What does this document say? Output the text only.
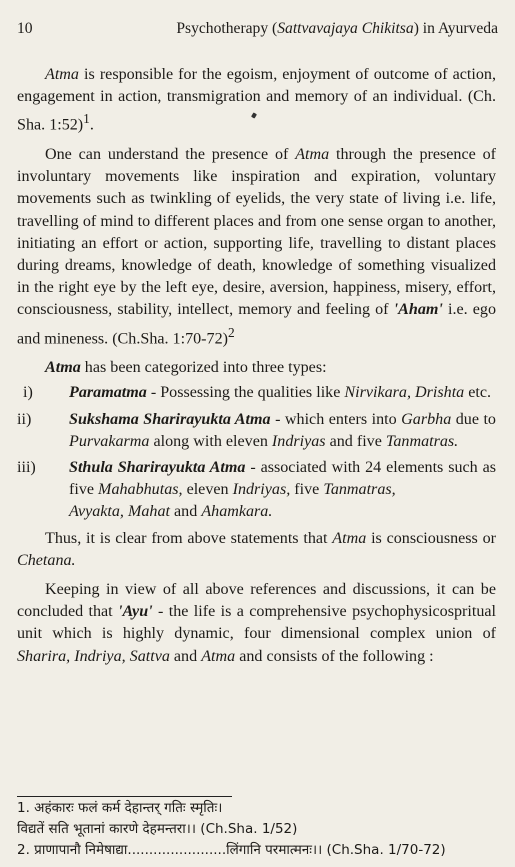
10	Psychotherapy (Sattvavajaya Chikitsa) in Ayurveda

Atma is responsible for the egoism, enjoyment of outcome of action, engagement in action, transmigration and memory of an individual. (Ch. Sha. 1:52)$^1$.

One can understand the presence of Atma through the presence of involuntary movements like inspiration and expiration, voluntary movements such as twinkling of eyelids, the very state of living i.e. life, travelling of mind to different places and from one sense organ to another, initiating an effort or action, supporting life, travelling to distant places during dreams, knowledge of death, knowledge of something visualized in the right eye by the left eye, desire, aversion, happiness, misery, effort, consciousness, stability, intellect, memory and feeling of 'Aham' i.e. ego and mineness. (Ch.Sha. 1:70-72)$^2$

Atma has been categorized into three types:

i)	Paramatma - Possessing the qualities like Nirvikara, Drishta etc.
ii)	Sukshama Sharirayukta Atma - which enters into Garbha due to Purvakarma along with eleven Indriyas and five Tanmatras.
iii)	Sthula Sharirayukta Atma - associated with 24 elements such as five Mahabhutas, eleven Indriyas, five Tanmatras,
Avyakta, Mahat and Ahamkara.

Thus, it is clear from above statements that Atma is consciousness or Chetana.

Keeping in view of all above references and discussions, it can be concluded that 'Ayu' - the life is a comprehensive psychophysicospritual unit which is highly dynamic, four dimensional complex union of Sharira, Indriya, Sattva and Atma and consists of the following :

1. अहंकारः फलं कर्म देहान्तर् गतिः स्मृतिः।
विद्यतें सति भूतानां कारणे देहमन्तरा।। (Ch.Sha. 1/52)
2. प्राणापानौ निमेषाद्या.......................लिंगानि परमात्मनः।। (Ch.Sha. 1/70-72)
